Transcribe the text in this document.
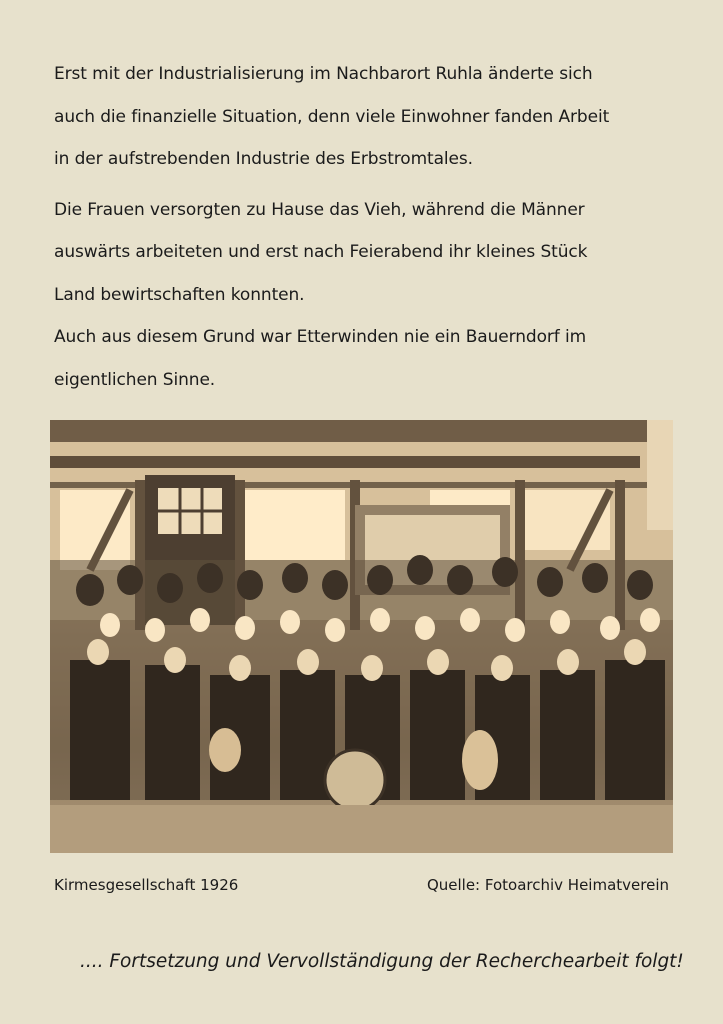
Erst mit der Industrialisierung im Nachbarort Ruhla änderte sich

auch die finanzielle Situation, denn viele Einwohner fanden Arbeit

in der aufstrebenden Industrie des Erbstromtales.

Die Frauen versorgten zu Hause das Vieh, während die Männer

auswärts arbeiteten und erst nach Feierabend ihr kleines Stück

Land bewirtschaften konnten.

Auch aus diesem Grund war Etterwinden nie ein Bauerndorf im

eigentlichen Sinne.

Kirmesgesellschaft 1926	Quelle: Fotoarchiv Heimatverein
.... Fortsetzung und Vervollständigung der Recherchearbeit folgt!
